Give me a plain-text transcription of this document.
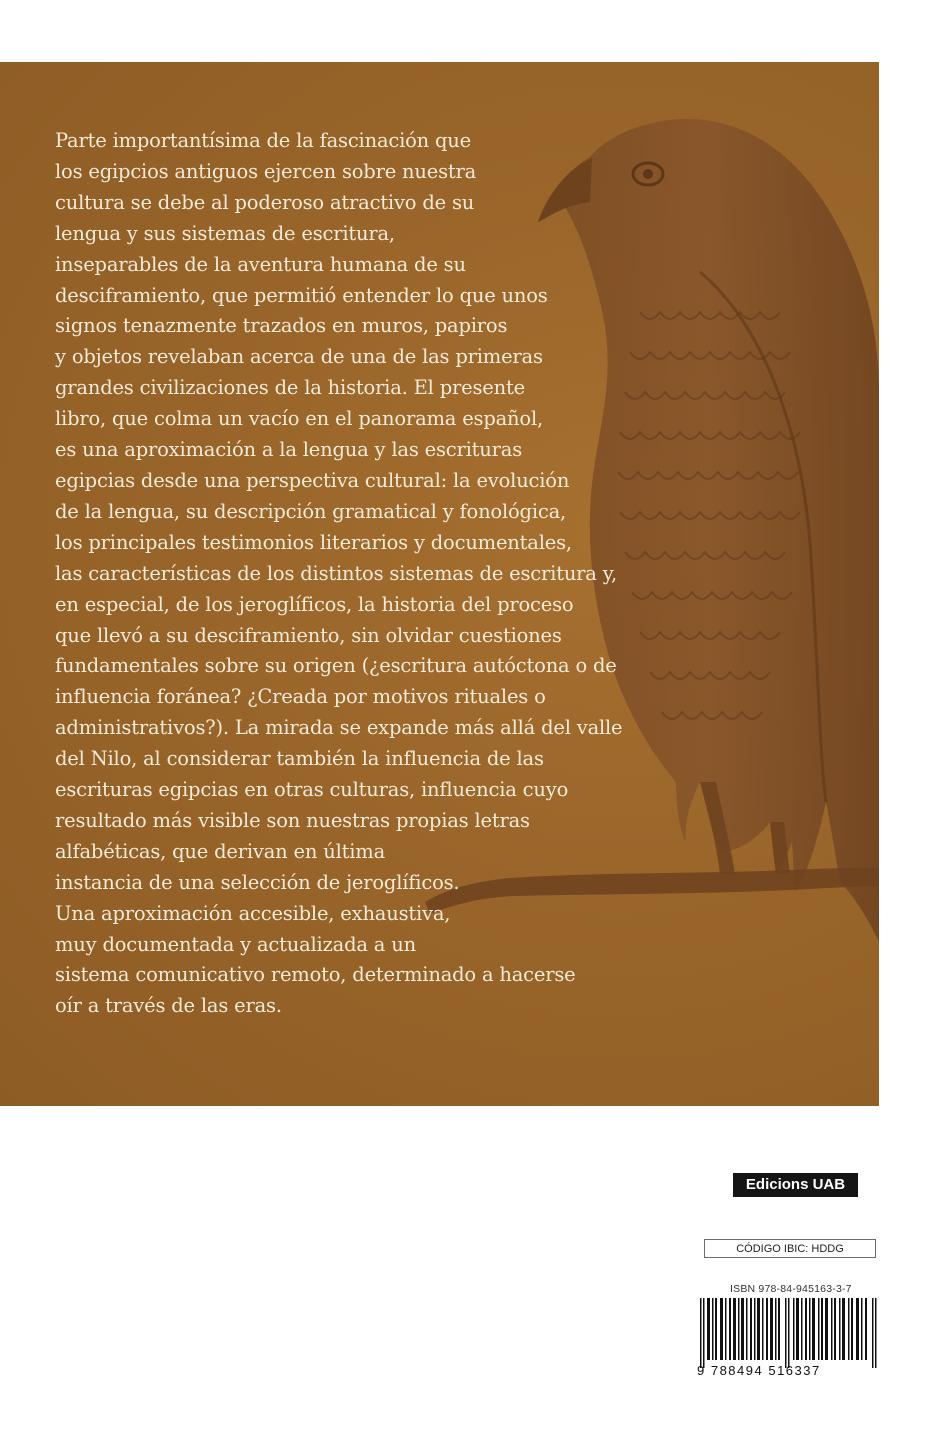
Parte importantísima de la fascinación que
los egipcios antiguos ejercen sobre nuestra
cultura se debe al poderoso atractivo de su
lengua y sus sistemas de escritura,
inseparables de la aventura humana de su
desciframiento, que permitió entender lo que unos
signos tenazmente trazados en muros, papiros
y objetos revelaban acerca de una de las primeras
grandes civilizaciones de la historia. El presente
libro, que colma un vacío en el panorama español,
es una aproximación a la lengua y las escrituras
egipcias desde una perspectiva cultural: la evolución
de la lengua, su descripción gramatical y fonológica,
los principales testimonios literarios y documentales,
las características de los distintos sistemas de escritura y,
en especial, de los jeroglíficos, la historia del proceso
que llevó a su desciframiento, sin olvidar cuestiones
fundamentales sobre su origen (¿escritura autóctona o de
influencia foránea? ¿Creada por motivos rituales o
administrativos?). La mirada se expande más allá del valle
del Nilo, al considerar también la influencia de las
escrituras egipcias en otras culturas, influencia cuyo
resultado más visible son nuestras propias letras
alfabéticas, que derivan en última
instancia de una selección de jeroglíficos.
Una aproximación accesible, exhaustiva,
muy documentada y actualizada a un
sistema comunicativo remoto, determinado a hacerse
oír a través de las eras.

Edicions UAB
CÓDIGO IBIC: HDDG
ISBN 978-84-945163-3-7
9 788494 516337
